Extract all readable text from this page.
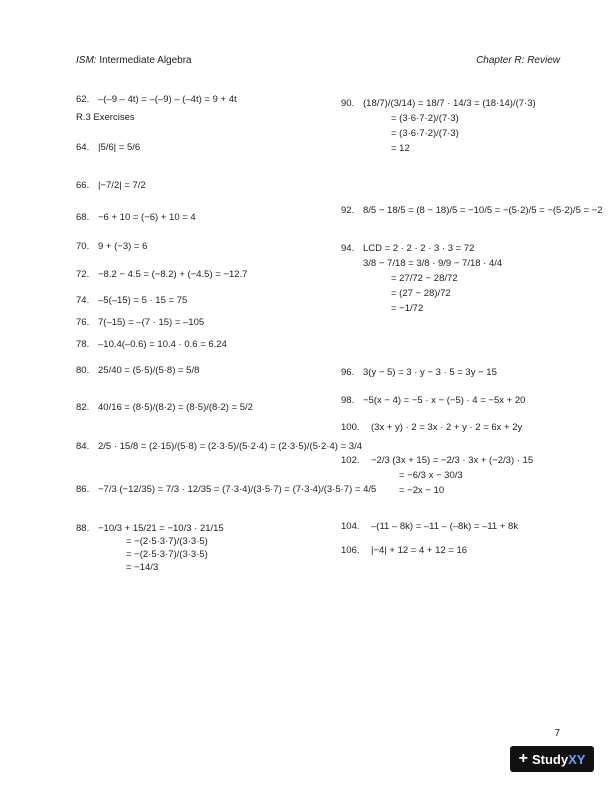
ISM: Intermediate Algebra	Chapter R: Review
R.3 Exercises
62. –(–9 – 4t) = –(–9) – (–4t) = 9 + 4t
64. |5/6| = 5/6
66. |−7/2| = 7/2
68. −6 + 10 = (−6) + 10 = 4
70. 9 + (−3) = 6
72. −8.2 − 4.5 = (−8.2) + (−4.5) = −12.7
74. –5(–15) = 5 · 15 = 75
76. 7(–15) = –(7 · 15) = –105
78. –10.4(–0.6) = 10.4 · 0.6 = 6.24
80. 25/40 = (5·5)/(5·8) = 5/8
82. 40/16 = (8·5)/(8·2) = (8·5)/(8·2) = 5/2
84. 2/5 · 15/8 = (2·15)/(5·8) = (2·3·5)/(5·2·4) = (2·3·5)/(5·2·4) = 3/4
86. −7/3 (−12/35) = 7/3 · 12/35 = (7·3·4)/(3·5·7) = (7·3·4)/(3·5·7) = 4/5
88. −10/3 + 15/21 = −10/3 · 21/15
= −(2·5·3·7)/(3·3·5)
= −(2·5·3·7)/(3·3·5)
= −14/3
90. (18/7)/(3/14) = 18/7 · 14/3 = (18·14)/(7·3)
= (3·6·7·2)/(7·3)
= (3·6·7·2)/(7·3)
= 12
92. 8/5 − 18/5 = (8 − 18)/5 = −10/5 = −(5·2)/5 = −(5·2)/5 = −2
94. LCD = 2 · 2 · 2 · 3 · 3 = 72
3/8 − 7/18 = 3/8 · 9/9 − 7/18 · 4/4
= 27/72 − 28/72
= (27 − 28)/72
= −1/72
96. 3(y − 5) = 3 · y − 3 · 5 = 3y − 15
98. −5(x − 4) = −5 · x − (−5) · 4 = −5x + 20
100. (3x + y) · 2 = 3x · 2 + y · 2 = 6x + 2y
102. −2/3 (3x + 15) = −2/3 · 3x + (−2/3) · 15
= −6/3 x − 30/3
= −2x − 10
104. –(11 – 8k) = –11 – (–8k) = –11 + 8k
106. |−4| + 12 = 4 + 12 = 16
7
+ Study XY
